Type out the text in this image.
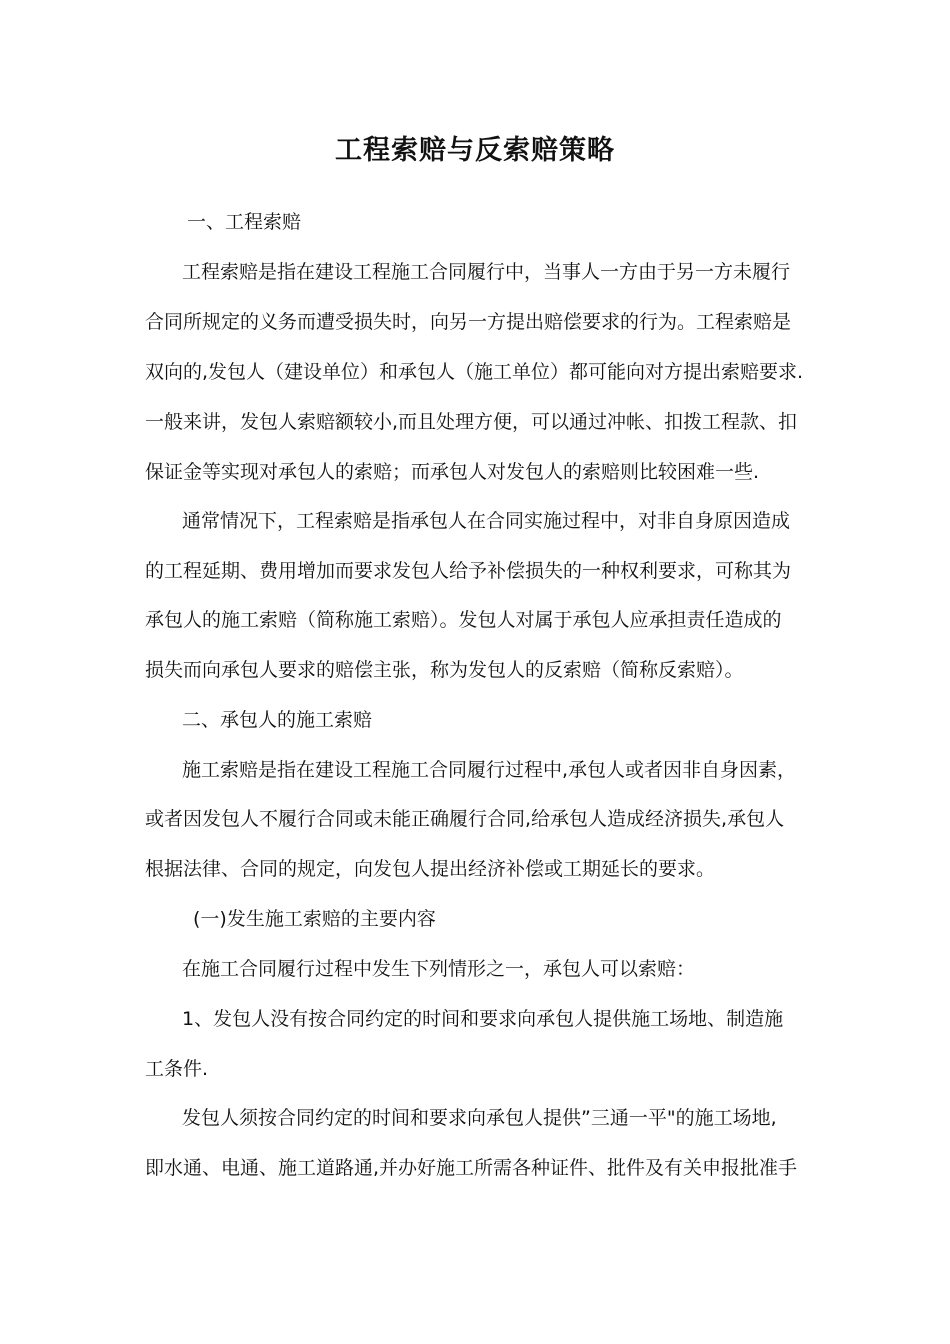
工程索赔与反索赔策略
一、工程索赔
工程索赔是指在建设工程施工合同履行中，当事人一方由于另一方未履行
合同所规定的义务而遭受损失时，向另一方提出赔偿要求的行为。工程索赔是
双向的,发包人（建设单位）和承包人（施工单位）都可能向对方提出索赔要求.
一般来讲，发包人索赔额较小,而且处理方便，可以通过冲帐、扣拨工程款、扣
保证金等实现对承包人的索赔；而承包人对发包人的索赔则比较困难一些.
通常情况下，工程索赔是指承包人在合同实施过程中，对非自身原因造成
的工程延期、费用增加而要求发包人给予补偿损失的一种权利要求，可称其为
承包人的施工索赔（简称施工索赔）。发包人对属于承包人应承担责任造成的
损失而向承包人要求的赔偿主张，称为发包人的反索赔（简称反索赔）。
二、承包人的施工索赔
施工索赔是指在建设工程施工合同履行过程中,承包人或者因非自身因素，
或者因发包人不履行合同或未能正确履行合同,给承包人造成经济损失,承包人
根据法律、合同的规定，向发包人提出经济补偿或工期延长的要求。
(一)发生施工索赔的主要内容
在施工合同履行过程中发生下列情形之一，承包人可以索赔：
1、发包人没有按合同约定的时间和要求向承包人提供施工场地、制造施
工条件.
发包人须按合同约定的时间和要求向承包人提供”三通一平"的施工场地,
即水通、电通、施工道路通,并办好施工所需各种证件、批件及有关申报批准手
